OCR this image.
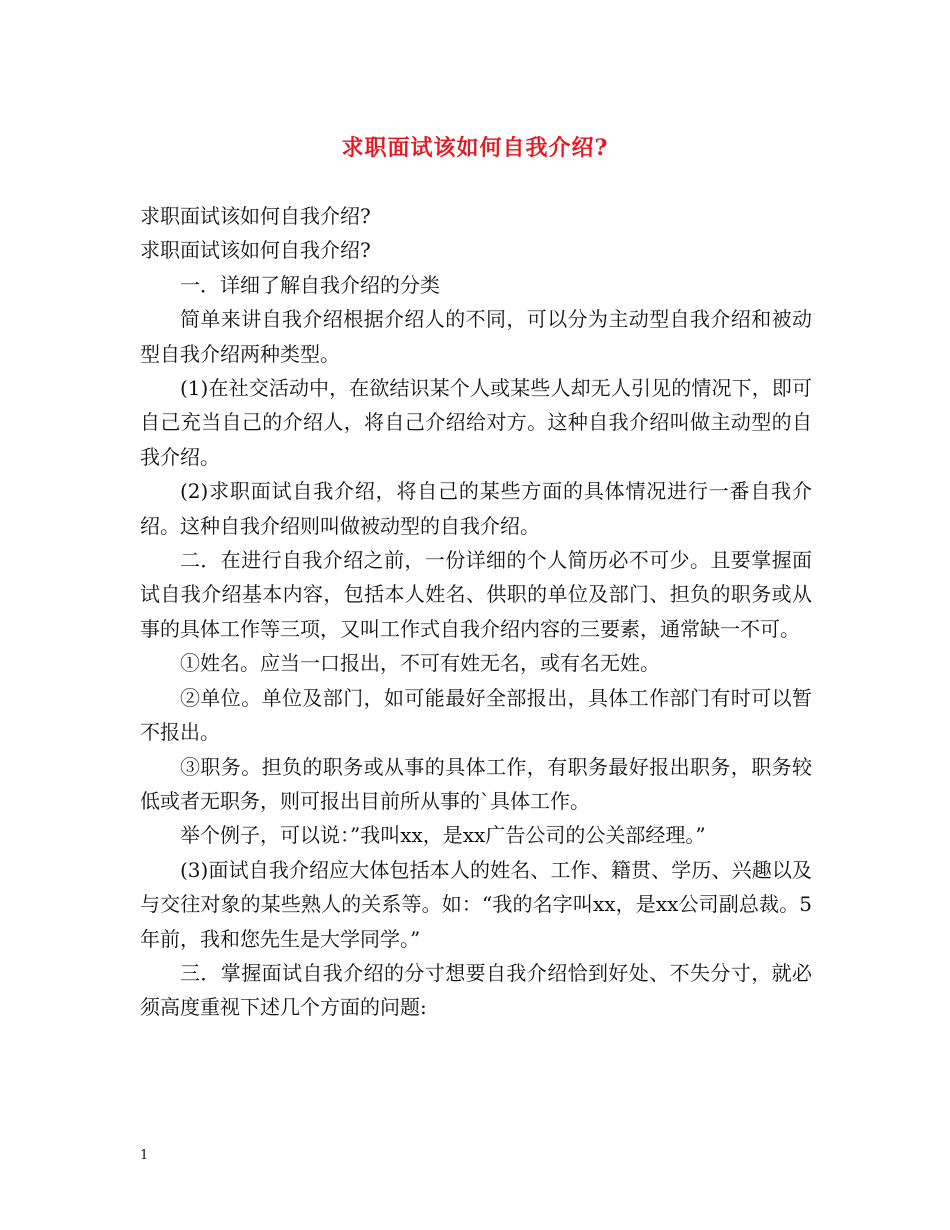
求职面试该如何自我介绍?

求职面试该如何自我介绍?

求职面试该如何自我介绍?

一．详细了解自我介绍的分类

简单来讲自我介绍根据介绍人的不同，可以分为主动型自我介绍和被动型自我介绍两种类型。

(1)在社交活动中，在欲结识某个人或某些人却无人引见的情况下，即可自己充当自己的介绍人，将自己介绍给对方。这种自我介绍叫做主动型的自我介绍。

(2)求职面试自我介绍，将自己的某些方面的具体情况进行一番自我介绍。这种自我介绍则叫做被动型的自我介绍。

二．在进行自我介绍之前，一份详细的个人简历必不可少。且要掌握面试自我介绍基本内容，包括本人姓名、供职的单位及部门、担负的职务或从事的具体工作等三项，又叫工作式自我介绍内容的三要素，通常缺一不可。

①姓名。应当一口报出，不可有姓无名，或有名无姓。

②单位。单位及部门，如可能最好全部报出，具体工作部门有时可以暂不报出。

③职务。担负的职务或从事的具体工作，有职务最好报出职务，职务较低或者无职务，则可报出目前所从事的`具体工作。

举个例子，可以说：”我叫xx，是xx广告公司的公关部经理。”

(3)面试自我介绍应大体包括本人的姓名、工作、籍贯、学历、兴趣以及与交往对象的某些熟人的关系等。如：“我的名字叫xx，是xx公司副总裁。5年前，我和您先生是大学同学。”

三．掌握面试自我介绍的分寸想要自我介绍恰到好处、不失分寸，就必须高度重视下述几个方面的问题:

1
